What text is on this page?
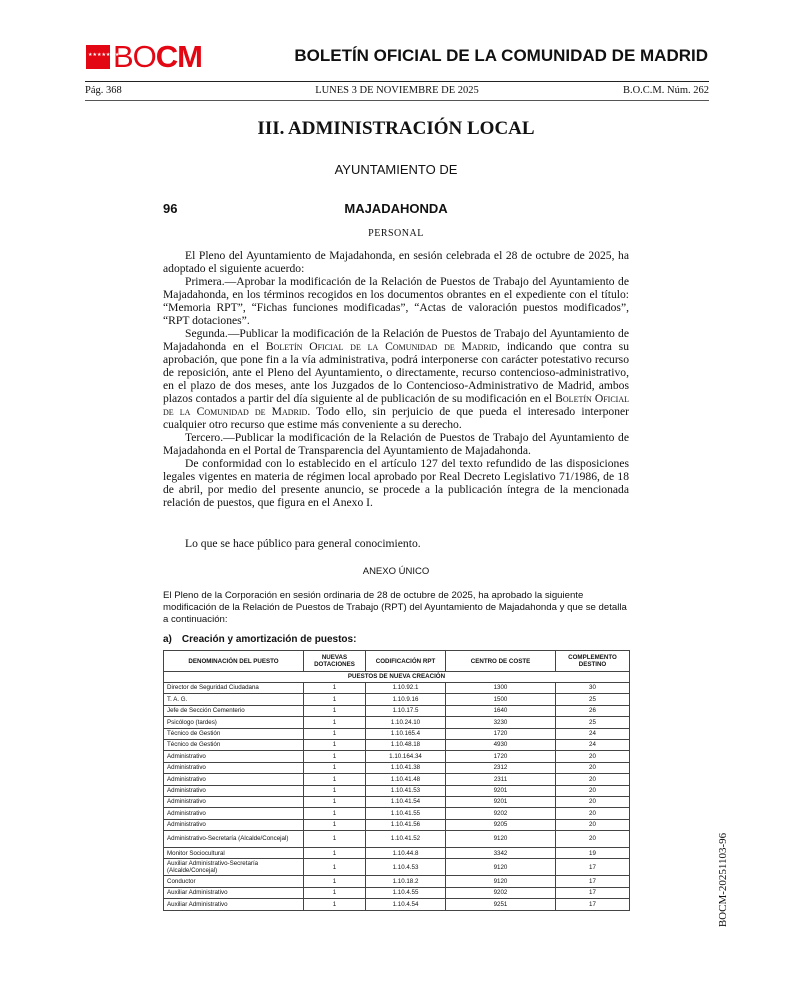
★★★★★★★
BOCM	BOLETÍN OFICIAL DE LA COMUNIDAD DE MADRID
Pág. 368	LUNES 3 DE NOVIEMBRE DE 2025	B.O.C.M. Núm. 262
III. ADMINISTRACIÓN LOCAL
AYUNTAMIENTO DE
MAJADAHONDA
96
PERSONAL

El Pleno del Ayuntamiento de Majadahonda, en sesión celebrada el 28 de octubre de 2025, ha adoptado el siguiente acuerdo:

Primera.—Aprobar la modificación de la Relación de Puestos de Trabajo del Ayuntamiento de Majadahonda, en los términos recogidos en los documentos obrantes en el expediente con el título: “Memoria RPT”, “Fichas funciones modificadas”, “Actas de valoración puestos modificados”, “RPT dotaciones”.

Segunda.—Publicar la modificación de la Relación de Puestos de Trabajo del Ayuntamiento de Majadahonda en el Boletín Oficial de la Comunidad de Madrid, indicando que contra su aprobación, que pone fin a la vía administrativa, podrá interponerse con carácter potestativo recurso de reposición, ante el Pleno del Ayuntamiento, o directamente, recurso contencioso-administrativo, en el plazo de dos meses, ante los Juzgados de lo Contencioso-Administrativo de Madrid, ambos plazos contados a partir del día siguiente al de publicación de su modificación en el Boletín Oficial de la Comunidad de Madrid. Todo ello, sin perjuicio de que pueda el interesado interponer cualquier otro recurso que estime más conveniente a su derecho.

Tercero.—Publicar la modificación de la Relación de Puestos de Trabajo del Ayuntamiento de Majadahonda en el Portal de Transparencia del Ayuntamiento de Majadahonda.

De conformidad con lo establecido en el artículo 127 del texto refundido de las disposiciones legales vigentes en materia de régimen local aprobado por Real Decreto Legislativo 71/1986, de 18 de abril, por medio del presente anuncio, se procede a la publicación íntegra de la mencionada relación de puestos, que figura en el Anexo I.

Lo que se hace público para general conocimiento.
ANEXO ÚNICO
El Pleno de la Corporación en sesión ordinaria de 28 de octubre de 2025, ha aprobado la siguiente modificación de la Relación de Puestos de Trabajo (RPT) del Ayuntamiento de Majadahonda y que se detalla a continuación:
a) Creación y amortización de puestos:
DENOMINACIÓN DEL PUESTO	NUEVAS DOTACIONES	CODIFICACIÓN RPT	CENTRO DE COSTE	COMPLEMENTO DESTINO
PUESTOS DE NUEVA CREACIÓN				
Director de Seguridad Ciudadana	1	1.10.92.1	1300	30
T. A. G.	1	1.10.9.16	1500	25
Jefe de Sección Cementerio	1	1.10.17.5	1640	26
Psicólogo (tardes)	1	1.10.24.10	3230	25
Técnico de Gestión	1	1.10.165.4	1720	24
Técnico de Gestión	1	1.10.48.18	4930	24
Administrativo	1	1.10.164.34	1720	20
Administrativo	1	1.10.41.38	2312	20
Administrativo	1	1.10.41.48	2311	20
Administrativo	1	1.10.41.53	9201	20
Administrativo	1	1.10.41.54	9201	20
Administrativo	1	1.10.41.55	9202	20
Administrativo	1	1.10.41.56	9205	20
Administrativo-Secretaría (Alcalde/Concejal)	1	1.10.41.52	9120	20
Monitor Sociocultural	1	1.10.44.8	3342	19
Auxiliar Administrativo-Secretaría (Alcalde/Concejal)	1	1.10.4.53	9120	17
Conductor	1	1.10.18.2	9120	17
Auxiliar Administrativo	1	1.10.4.55	9202	17
Auxiliar Administrativo	1	1.10.4.54	9251	17	BOCM-20251103-96
